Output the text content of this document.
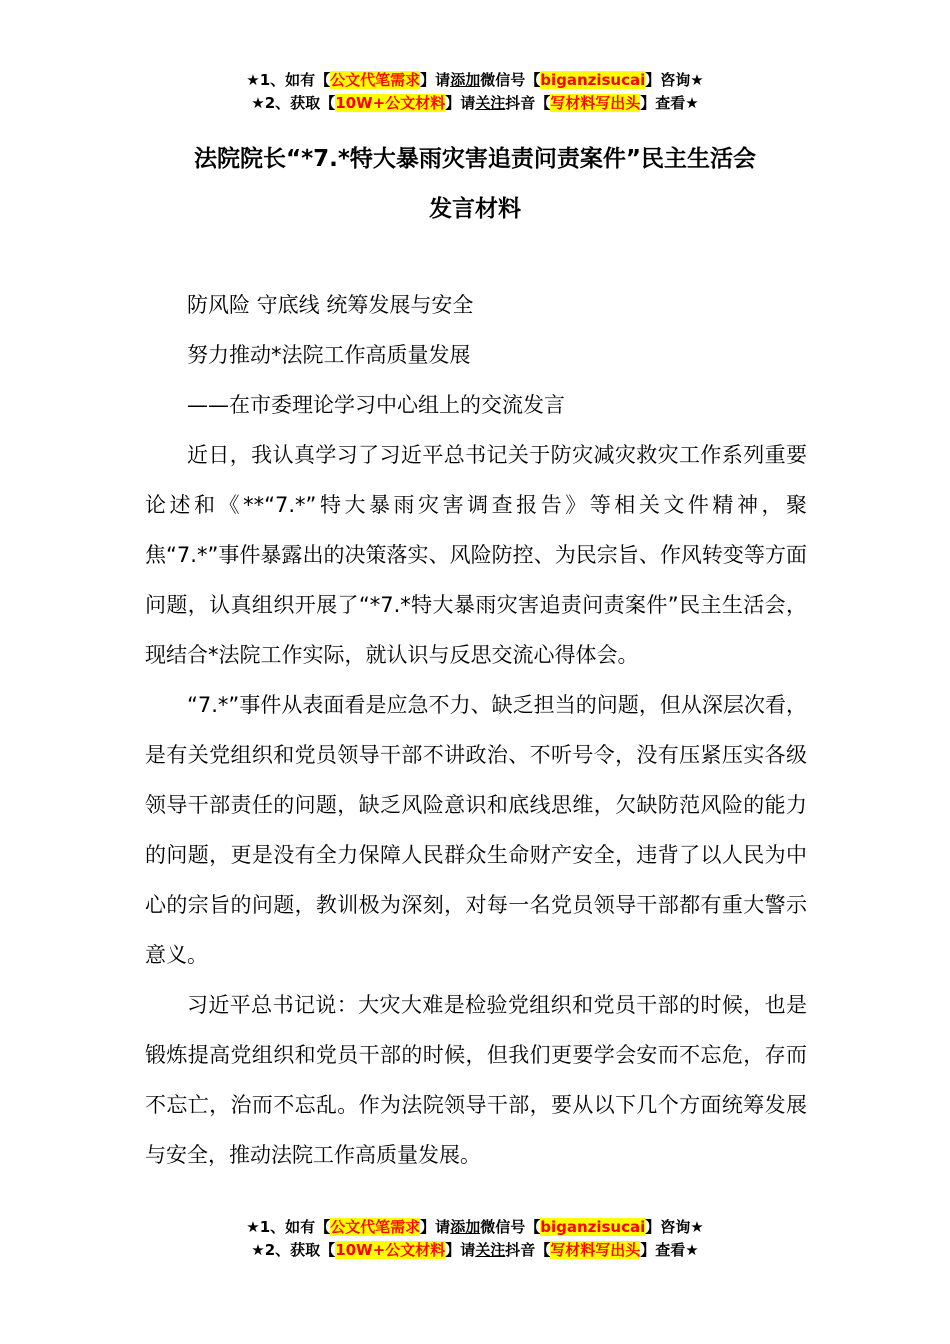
★1、如有【公文代笔需求】请添加微信号【biganzisucai】咨询★
★2、获取【10W+公文材料】请关注抖音【写材料写出头】查看★
法院院长“*7.*特大暴雨灾害追责问责案件”民主生活会
发言材料

防风险 守底线 统筹发展与安全

努力推动*法院工作高质量发展

——在市委理论学习中心组上的交流发言

近日，我认真学习了习近平总书记关于防灾减灾救灾工作系列重要论述和《**“7.*”特大暴雨灾害调查报告》等相关文件精神，聚焦“7.*”事件暴露出的决策落实、风险防控、为民宗旨、作风转变等方面问题，认真组织开展了“*7.*特大暴雨灾害追责问责案件”民主生活会，现结合*法院工作实际，就认识与反思交流心得体会。

“7.*”事件从表面看是应急不力、缺乏担当的问题，但从深层次看，是有关党组织和党员领导干部不讲政治、不听号令，没有压紧压实各级领导干部责任的问题，缺乏风险意识和底线思维，欠缺防范风险的能力的问题，更是没有全力保障人民群众生命财产安全，违背了以人民为中心的宗旨的问题，教训极为深刻，对每一名党员领导干部都有重大警示意义。

习近平总书记说：大灾大难是检验党组织和党员干部的时候，也是锻炼提高党组织和党员干部的时候，但我们更要学会安而不忘危，存而不忘亡，治而不忘乱。作为法院领导干部，要从以下几个方面统筹发展与安全，推动法院工作高质量发展。

★1、如有【公文代笔需求】请添加微信号【biganzisucai】咨询★
★2、获取【10W+公文材料】请关注抖音【写材料写出头】查看★
